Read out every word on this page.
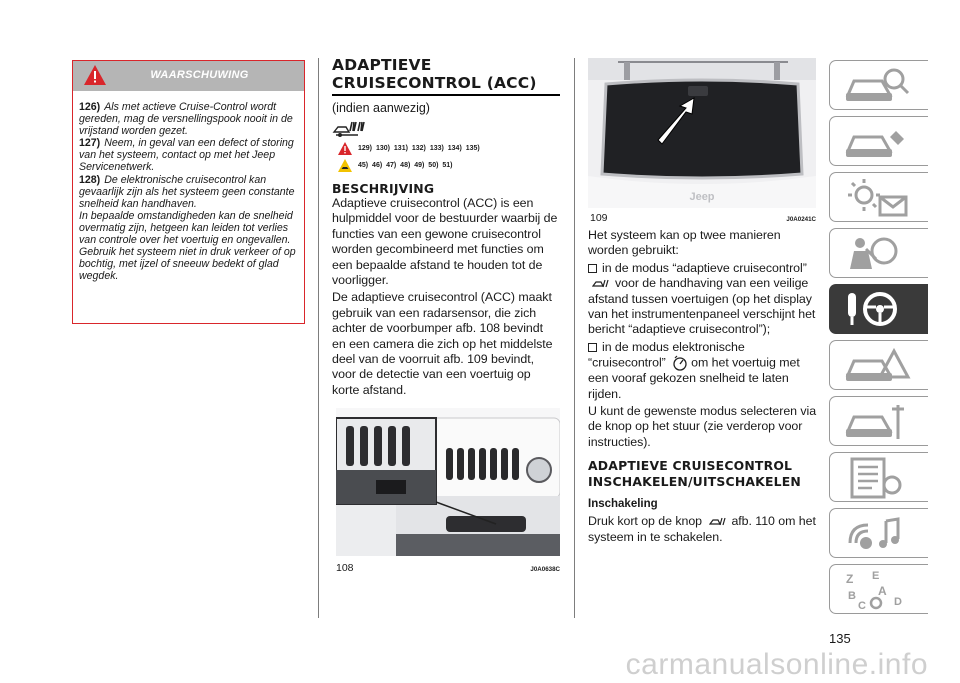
WAARSCHUWING

126) Als met actieve Cruise-Control wordt gereden, mag de versnellingspook nooit in de vrijstand worden gezet.

127) Neem, in geval van een defect of storing van het systeem, contact op met het Jeep Servicenetwerk.

128) De elektronische cruisecontrol kan gevaarlijk zijn als het systeem geen constante snelheid kan handhaven.

In bepaalde omstandigheden kan de snelheid overmatig zijn, hetgeen kan leiden tot verlies van controle over het voertuig en ongevallen. Gebruik het systeem niet in druk verkeer of op bochtig, met ijzel of sneeuw bedekt of glad wegdek.

ADAPTIEVE
CRUISECONTROL (ACC)
(indien aanwezig)
129) 130) 131) 132) 133) 134) 135)
45) 46) 47) 48) 49) 50) 51)
BESCHRIJVING

Adaptieve cruisecontrol (ACC) is een hulpmiddel voor de bestuurder waarbij de functies van een gewone cruisecontrol worden gecombineerd met functies om een bepaalde afstand te houden tot de voorligger.

De adaptieve cruisecontrol (ACC) maakt gebruik van een radarsensor, die zich achter de voorbumper afb. 108 bevindt en een camera die zich op het middelste deel van de voorruit afb. 109 bevindt, voor de detectie van een voertuig op korte afstand.

108	J0A0638C
Jeep
109	J0A0241C

Het systeem kan op twee manieren worden gebruikt:

in de modus “adaptieve cruisecontrol”
voor de handhaving van een veilige afstand tussen voertuigen (op het display van het instrumentenpaneel verschijnt het bericht “adaptieve cruisecontrol”);

in de modus elektronische “cruisecontrol” om het voertuig met een vooraf gekozen snelheid te laten rijden.

U kunt de gewenste modus selecteren via de knop op het stuur (zie verderop voor instructies).

ADAPTIEVE CRUISECONTROL
INSCHAKELEN/UITSCHAKELEN
Inschakeling

Druk kort op de knop afb. 110 om het systeem in te schakelen.

Z E
B A
C	D
135
carmanualsonline.info
